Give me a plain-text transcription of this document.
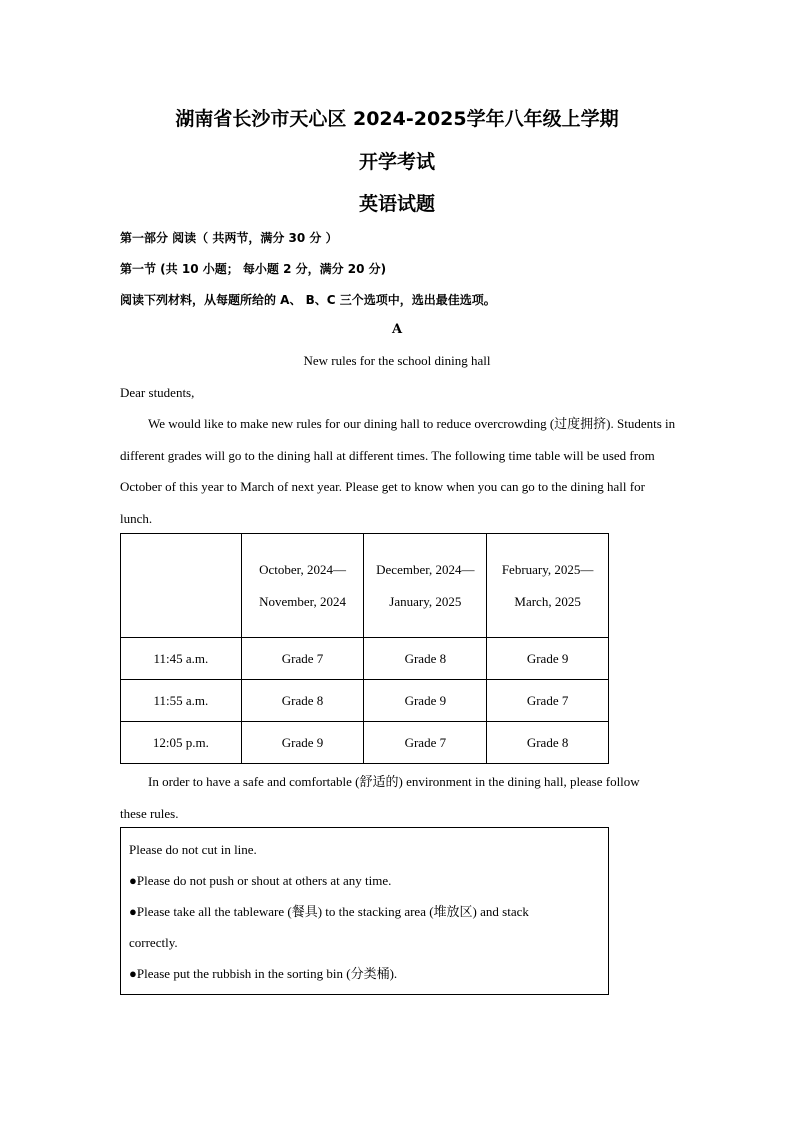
湖南省长沙市天心区 2024-2025学年八年级上学期
开学考试
英语试题
第一部分 阅读（ 共两节，满分 30 分 ）
第一节 (共 10 小题； 每小题 2 分，满分 20 分)
阅读下列材料，从每题所给的 A、 B、C 三个选项中，选出最佳选项。
A
New rules for the school dining hall
Dear students,
We would like to make new rules for our dining hall to reduce overcrowding (过度拥挤). Students in different grades will go to the dining hall at different times. The following time table will be used from October of this year to March of next year. Please get to know when you can go to the dining hall for lunch.
	October, 2024—November, 2024	December, 2024— January, 2025	February, 2025— March, 2025
11:45 a.m.	Grade 7	Grade 8	Grade 9
11:55 a.m.	Grade 8	Grade 9	Grade 7
12:05 p.m.	Grade 9	Grade 7	Grade 8
In order to have a safe and comfortable (舒适的) environment in the dining hall, please follow these rules.
Please do not cut in line.
●Please do not push or shout at others at any time.
●Please take all the tableware (餐具) to the stacking area (堆放区) and stack correctly.
●Please put the rubbish in the sorting bin (分类桶).
